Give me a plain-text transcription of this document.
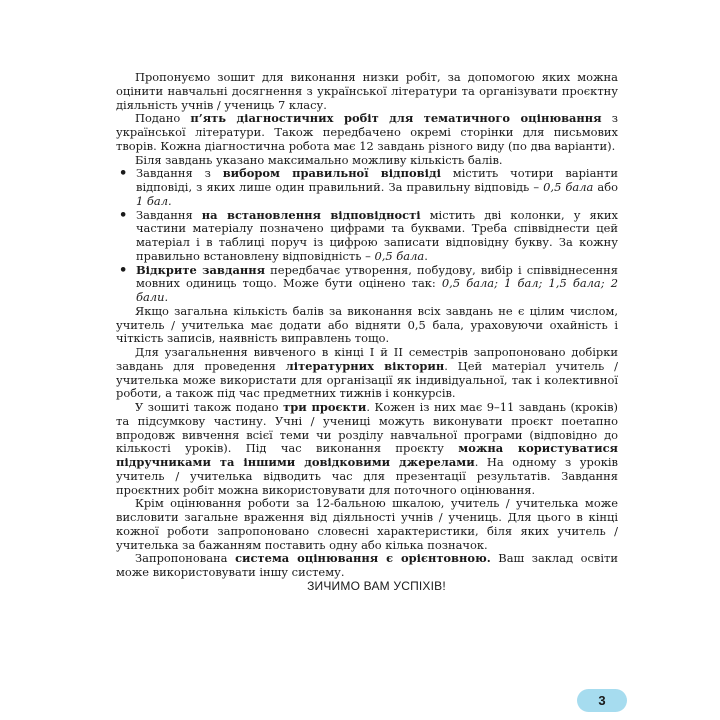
Пропонуємо зошит для виконання низки робіт, за допомогою яких можна оцінити навчальні досягнення з української літератури та організувати проєктну діяльність учнів / учениць 7 класу.

Подано п’ять діагностичних робіт для тематичного оцінювання з української літератури. Також передбачено окремі сторінки для письмових творів. Кожна діагностична робота має 12 завдань різного виду (по два варіанти).

Біля завдань указано максимально можливу кількість балів.

• Завдання з вибором правильної відповіді містить чотири варіанти відповіді, з яких лише один правильний. За правильну відповідь – 0,5 бала або 1 бал.
• Завдання на встановлення відповідності містить дві колонки, у яких частини матеріалу позначено цифрами та буквами. Треба співвіднести цей матеріал і в таблиці поруч із цифрою записати відповідну букву. За кожну правильно встановлену відповідність – 0,5 бала.
• Відкрите завдання передбачає утворення, побудову, вибір і співвіднесення мовних одиниць тощо. Може бути оцінено так: 0,5 бала; 1 бал; 1,5 бала; 2 бали.

Якщо загальна кількість балів за виконання всіх завдань не є цілим числом, учитель / учителька має додати або відняти 0,5 бала, ураховуючи охайність і чіткість записів, наявність виправлень тощо.

Для узагальнення вивченого в кінці I й II семестрів запропоновано добірки завдань для проведення літературних вікторин. Цей матеріал учитель / учителька може використати для організації як індивідуальної, так і колективної роботи, а також під час предметних тижнів і конкурсів.

У зошиті також подано три проєкти. Кожен із них має 9–11 завдань (кроків) та підсумкову частину. Учні / учениці можуть виконувати проєкт поетапно впродовж вивчення всієї теми чи розділу навчальної програми (відповідно до кількості уроків). Під час виконання проєкту можна користуватися підручниками та іншими довідковими джерелами. На одному з уроків учитель / учителька відводить час для презентації результатів. Завдання проєктних робіт можна використовувати для поточного оцінювання.

Крім оцінювання роботи за 12-бальною шкалою, учитель / учителька може висловити загальне враження від діяльності учнів / учениць. Для цього в кінці кожної роботи запропоновано словесні характеристики, біля яких учитель / учителька за бажанням поставить одну або кілька позначок.

Запропонована система оцінювання є орієнтовною. Ваш заклад освіти може використовувати іншу систему.

ЗИЧИМО ВАМ УСПІХІВ!

3
